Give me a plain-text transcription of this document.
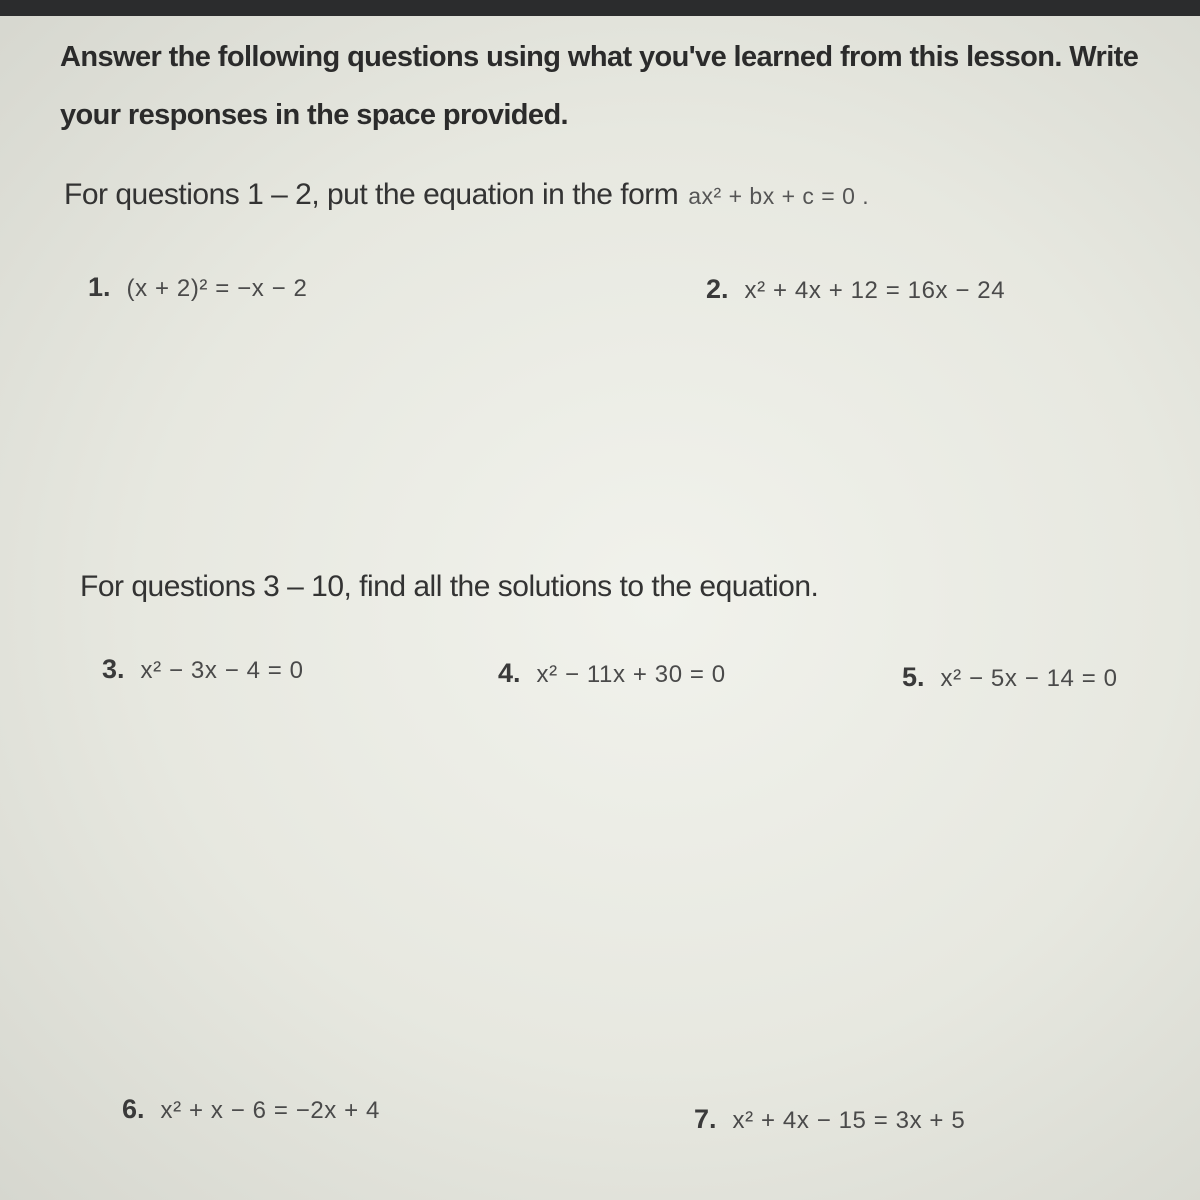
Answer the following questions using what you've learned from this lesson. Write
your responses in the space provided.
For questions 1 – 2, put the equation in the form ax² + bx + c = 0 .
1. (x + 2)² = −x − 2	2. x² + 4x + 12 = 16x − 24
For questions 3 – 10, find all the solutions to the equation.
3. x² − 3x − 4 = 0	4. x² − 11x + 30 = 0	5. x² − 5x − 14 = 0
6. x² + x − 6 = −2x + 4	7. x² + 4x − 15 = 3x + 5
